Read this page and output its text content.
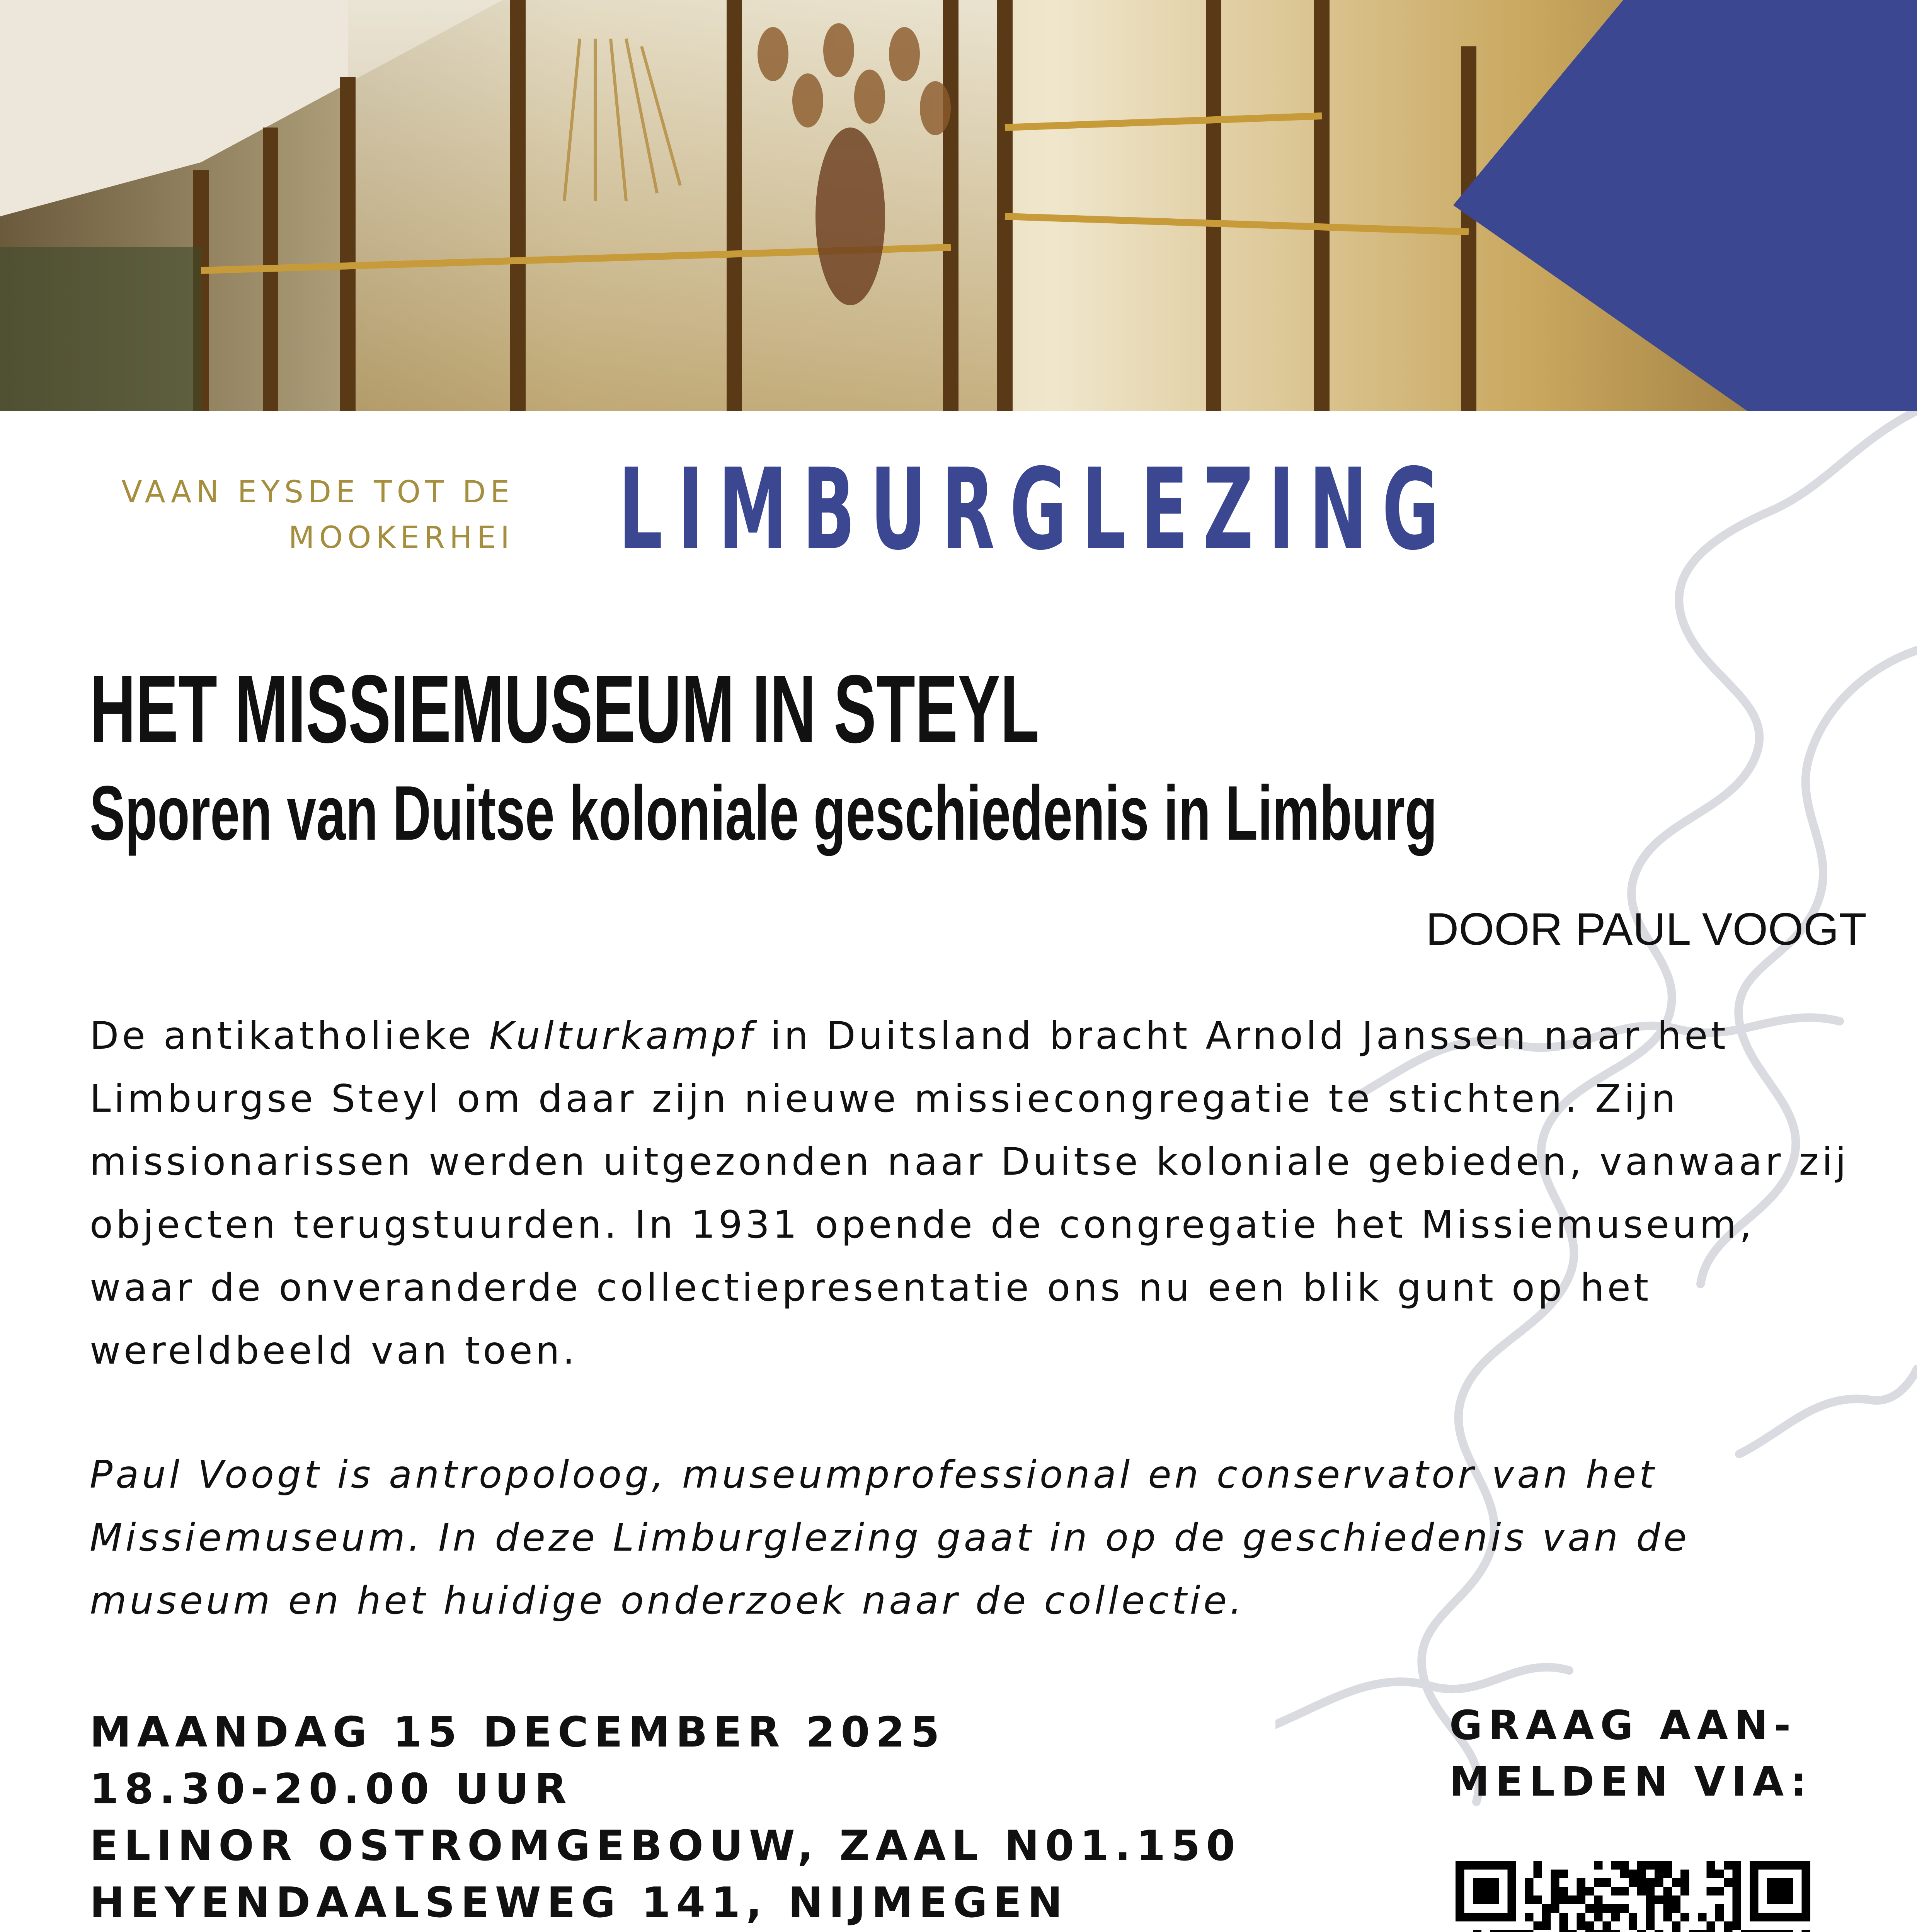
VAAN EYSDE TOT DE MOOKERHEI LIMBURGLEZING
HET MISSIEMUSEUM IN STEYL
Sporen van Duitse koloniale geschiedenis in Limburg
DOOR PAUL VOOGT
De antikatholieke Kulturkampf in Duitsland bracht Arnold Janssen naar het Limburgse Steyl om daar zijn nieuwe missiecongregatie te stichten. Zijn missionarissen werden uitgezonden naar Duitse koloniale gebieden, vanwaar zij objecten terugstuurden. In 1931 opende de congregatie het Missiemuseum, waar de onveranderde collectiepresentatie ons nu een blik gunt op het wereldbeeld van toen.
Paul Voogt is antropoloog, museumprofessional en conservator van het Missiemuseum. In deze Limburglezing gaat in op de geschiedenis van de museum en het huidige onderzoek naar de collectie.
MAANDAG 15 DECEMBER 2025
18.30-20.00 UUR
ELINOR OSTROMGEBOUW, ZAAL N01.150
HEYENDAALSEWEG 141, NIJMEGEN
GRAAG AAN-
MELDEN VIA:
